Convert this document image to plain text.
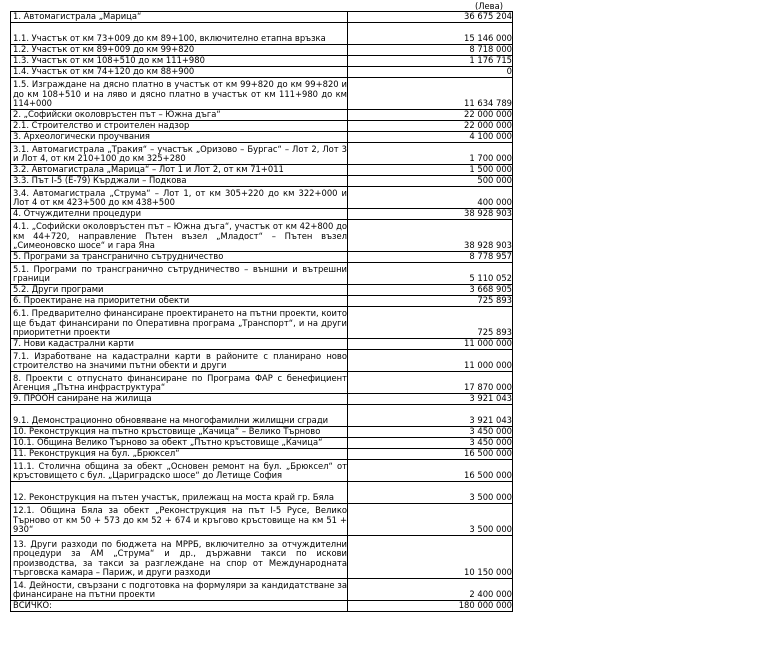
(Лева)
1. Автомагистрала „Марица“	36 675 204
1.1. Участък от км 73+009 до км 89+100, включително етапна връзка	15 146 000
1.2. Участък от км 89+009 до км 99+820	8 718 000
1.3. Участък от км 108+510 до км 111+980	1 176 715
1.4. Участък от км 74+120 до км 88+900	0
1.5. Изграждане на дясно платно в участък от км 99+820 до км 99+820 и до км 108+510 и на ляво и дясно платно в участък от км 111+980 до км 114+000	11 634 789
2. „Софийски околовръстен път – Южна дъга“	22 000 000
2.1. Строителство и строителен надзор	22 000 000
3. Археологически проучвания	4 100 000
3.1. Автомагистрала „Тракия“ – участък „Оризово – Бургас“ – Лот 2, Лот 3 и Лот 4, от км 210+100 до км 325+280	1 700 000
3.2. Автомагистрала „Марица“ – Лот 1 и Лот 2, от км 71+011	1 500 000
3.3. Път I-5 (Е-79) Кърджали – Подкова	500 000
3.4. Автомагистрала „Струма“ – Лот 1, от км 305+220 до км 322+000 и Лот 4 от км 423+500 до км 438+500	400 000
4. Отчуждителни процедури	38 928 903
4.1. „Софийски околовръстен път – Южна дъга“, участък от км 42+800 до км 44+720, направление Пътен възел „Младост“ – Пътен възел „Симеоновско шосе“ и гара Яна	38 928 903
5. Програми за трансгранично сътрудничество	8 778 957
5.1. Програми по трансгранично сътрудничество – външни и вътрешни граници	5 110 052
5.2. Други програми	3 668 905
6. Проектиране на приоритетни обекти	725 893
6.1. Предварително финансиране проектирането на пътни проекти, които ще бъдат финансирани по Оперативна програма „Транспорт“, и на други приоритетни проекти	725 893
7. Нови кадастрални карти	11 000 000
7.1. Изработване на кадастрални карти в районите с планирано ново строителство на значими пътни обекти и други	11 000 000
8. Проекти с отпуснато финансиране по Програма ФАР с бенефициент Агенция „Пътна инфраструктура“	17 870 000
9. ПРООН саниране на жилища	3 921 043
9.1. Демонстрационно обновяване на многофамилни жилищни сгради	3 921 043
10. Реконструкция на пътно кръстовище „Качица“ – Велико Търново	3 450 000
10.1. Община Велико Търново за обект „Пътно кръстовище „Качица“	3 450 000
11. Реконструкция на бул. „Брюксел“	16 500 000
11.1. Столична община за обект „Основен ремонт на бул. „Брюксел“ от кръстовището с бул. „Цариградско шосе“ до Летище София	16 500 000
12. Реконструкция на пътен участък, прилежащ на моста край гр. Бяла	3 500 000
12.1. Община Бяла за обект „Реконструкция на път I-5 Русе, Велико Търново от км 50 + 573 до км 52 + 674 и кръгово кръстовище на км 51 + 930“	3 500 000
13. Други разходи по бюджета на МРРБ, включително за отчуждителни процедури за АМ „Струма“ и др., държавни такси по искови производства, за такси за разглеждане на спор от Международната търговска камара – Париж, и други разходи	10 150 000
14. Дейности, свързани с подготовка на формуляри за кандидатстване за финансиране на пътни проекти	2 400 000
ВСИЧКО:	180 000 000
